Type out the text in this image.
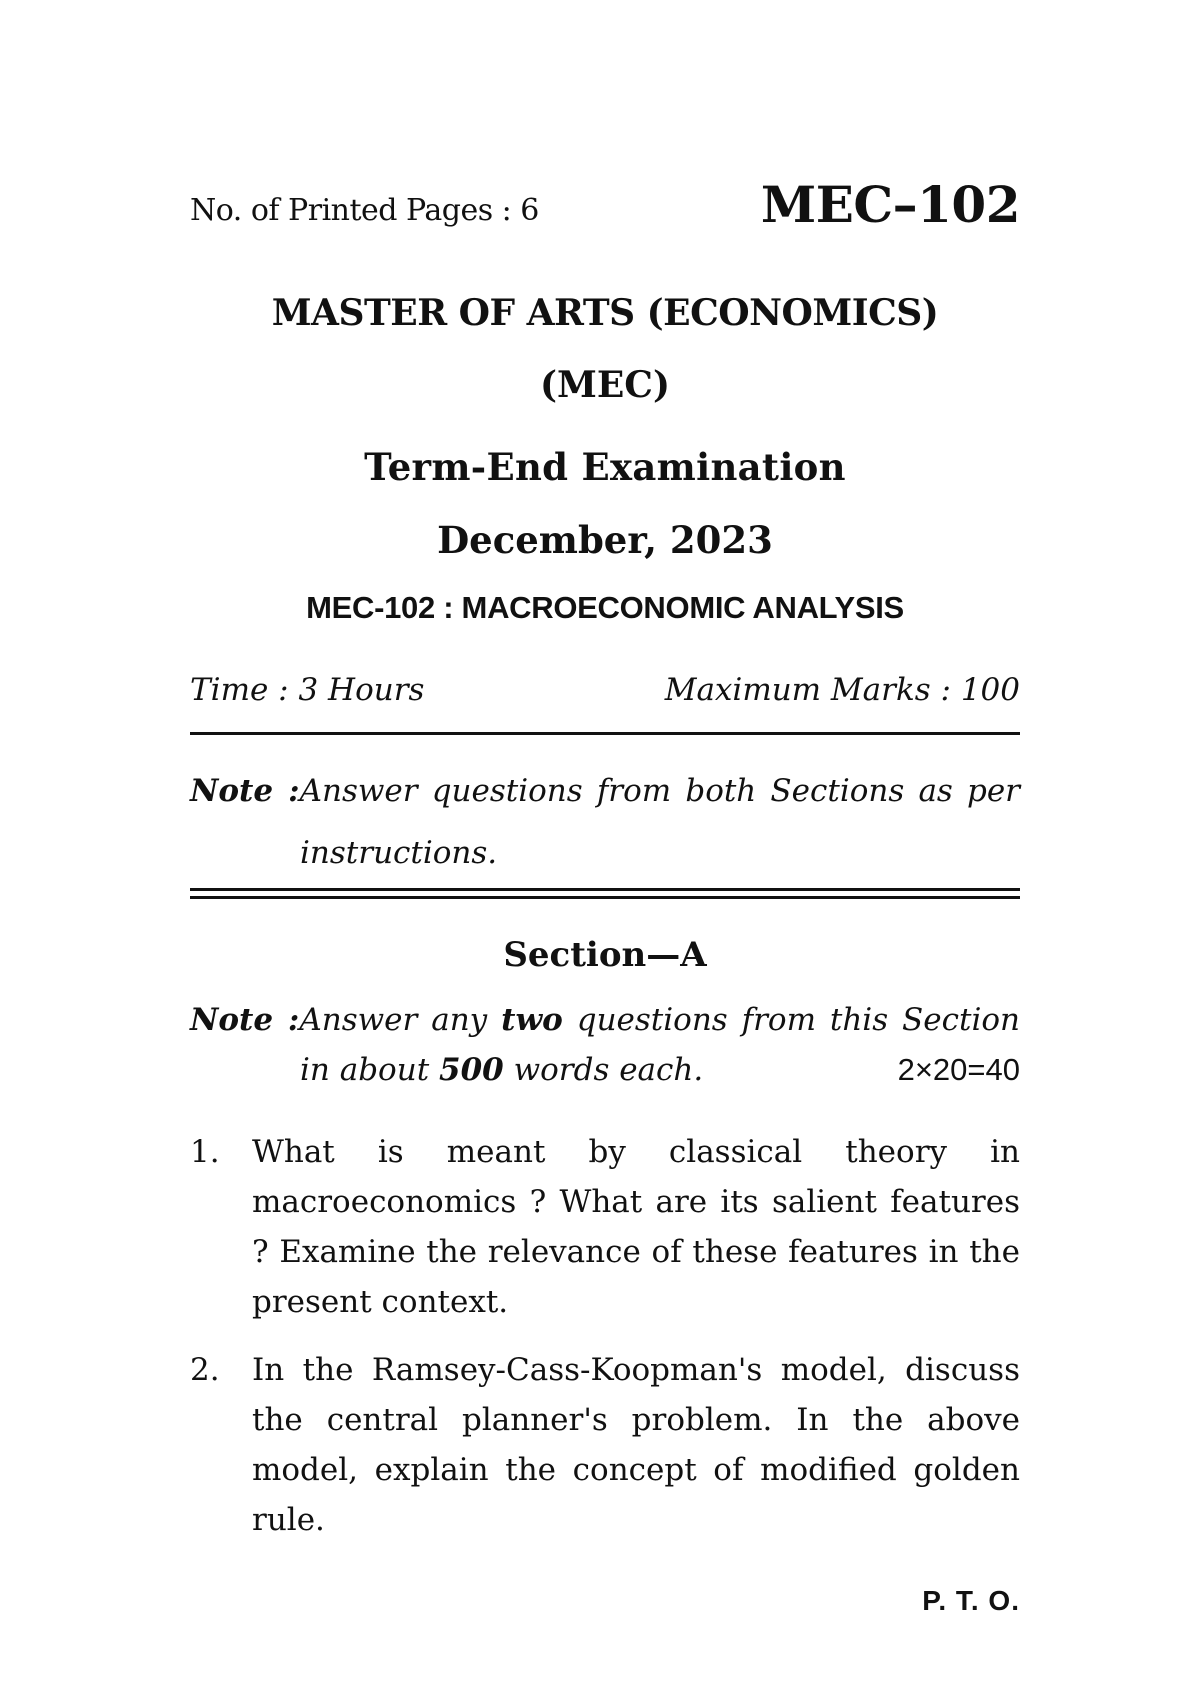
No. of Printed Pages : 6	MEC–102
MASTER OF ARTS (ECONOMICS)
(MEC)
Term-End Examination
December, 2023
MEC-102 : MACROECONOMIC ANALYSIS
Time : 3 Hours	Maximum Marks : 100
Note :Answer questions from both Sections as per
instructions.
Section—A
Note :Answer any two questions from this Section
in about 500 words each.	2×20=40
1. What is meant by classical theory in macroeconomics ? What are its salient features ? Examine the relevance of these features in the present context.
2. In the Ramsey-Cass-Koopman's model, discuss the central planner's problem. In the above model, explain the concept of modified golden rule.
P. T. O.
